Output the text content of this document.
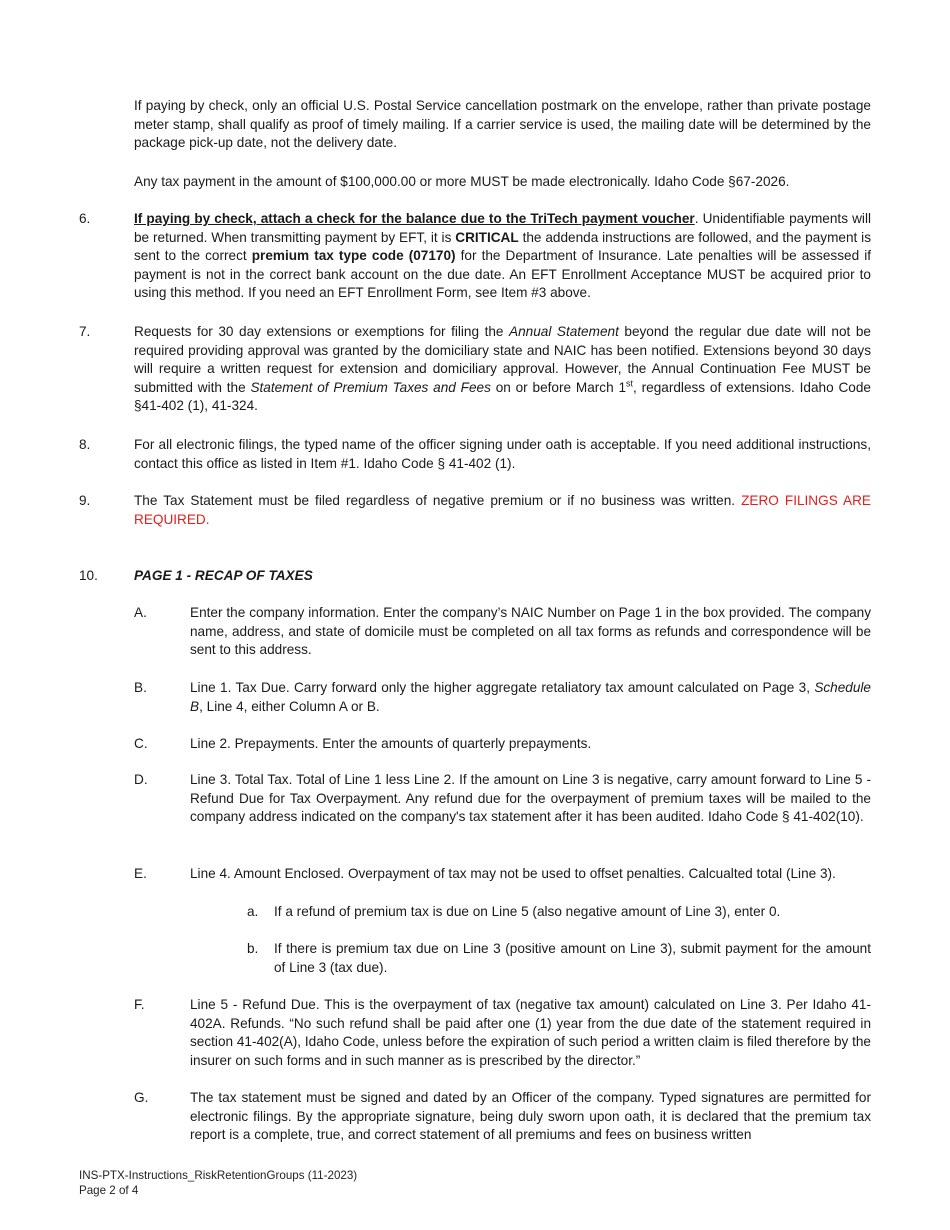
If paying by check, only an official U.S. Postal Service cancellation postmark on the envelope, rather than private postage meter stamp, shall qualify as proof of timely mailing. If a carrier service is used, the mailing date will be determined by the package pick-up date, not the delivery date.
Any tax payment in the amount of $100,000.00 or more MUST be made electronically. Idaho Code §67-2026.
6.	If paying by check, attach a check for the balance due to the TriTech payment voucher. Unidentifiable payments will be returned. When transmitting payment by EFT, it is CRITICAL the addenda instructions are followed, and the payment is sent to the correct premium tax type code (07170) for the Department of Insurance. Late penalties will be assessed if payment is not in the correct bank account on the due date. An EFT Enrollment Acceptance MUST be acquired prior to using this method. If you need an EFT Enrollment Form, see Item #3 above.
7.	Requests for 30 day extensions or exemptions for filing the Annual Statement beyond the regular due date will not be required providing approval was granted by the domiciliary state and NAIC has been notified. Extensions beyond 30 days will require a written request for extension and domiciliary approval. However, the Annual Continuation Fee MUST be submitted with the Statement of Premium Taxes and Fees on or before March 1st, regardless of extensions. Idaho Code §41-402 (1), 41-324.
8.	For all electronic filings, the typed name of the officer signing under oath is acceptable. If you need additional instructions, contact this office as listed in Item #1. Idaho Code § 41-402 (1).
9.	The Tax Statement must be filed regardless of negative premium or if no business was written. ZERO FILINGS ARE REQUIRED.
10.	PAGE 1 - RECAP OF TAXES
A.	Enter the company information. Enter the company’s NAIC Number on Page 1 in the box provided. The company name, address, and state of domicile must be completed on all tax forms as refunds and correspondence will be sent to this address.
B.	Line 1. Tax Due. Carry forward only the higher aggregate retaliatory tax amount calculated on Page 3, Schedule B, Line 4, either Column A or B.
C.	Line 2. Prepayments. Enter the amounts of quarterly prepayments.
D.	Line 3. Total Tax. Total of Line 1 less Line 2. If the amount on Line 3 is negative, carry amount forward to Line 5 - Refund Due for Tax Overpayment. Any refund due for the overpayment of premium taxes will be mailed to the company address indicated on the company's tax statement after it has been audited. Idaho Code § 41-402(10).
E.	Line 4. Amount Enclosed. Overpayment of tax may not be used to offset penalties. Calcualted total (Line 3).
a. If a refund of premium tax is due on Line 5 (also negative amount of Line 3), enter 0.
b. If there is premium tax due on Line 3 (positive amount on Line 3), submit payment for the amount of Line 3 (tax due).
F.	Line 5 - Refund Due. This is the overpayment of tax (negative tax amount) calculated on Line 3. Per Idaho 41-402A. Refunds. “No such refund shall be paid after one (1) year from the due date of the statement required in section 41-402(A), Idaho Code, unless before the expiration of such period a written claim is filed therefore by the insurer on such forms and in such manner as is prescribed by the director.”
G.	The tax statement must be signed and dated by an Officer of the company. Typed signatures are permitted for electronic filings. By the appropriate signature, being duly sworn upon oath, it is declared that the premium tax report is a complete, true, and correct statement of all premiums and fees on business written
INS-PTX-Instructions_RiskRetentionGroups (11-2023)
Page 2 of 4
